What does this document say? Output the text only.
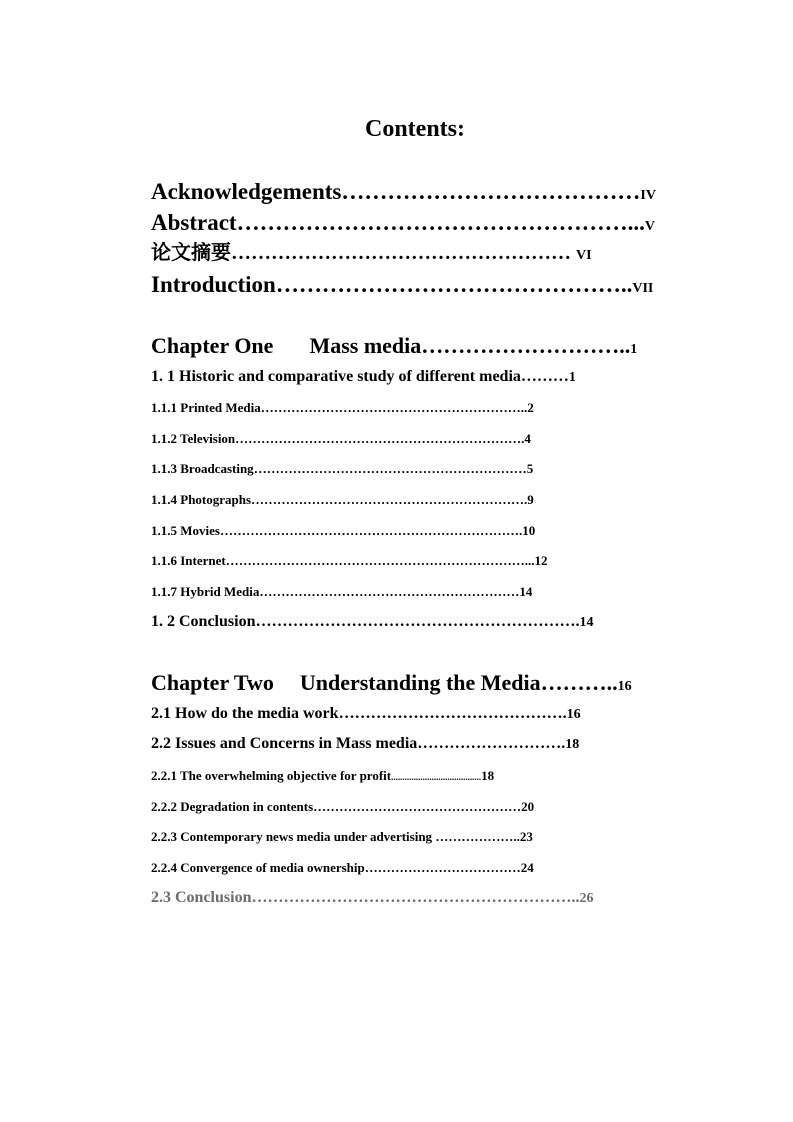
Contents:

Acknowledgements…………………………………IV

Abstract……………………………………………...V

论文摘要…………………………………………… VI

Introduction………………………………………..VII

Chapter One Mass media………………………..1

1. 1 Historic and comparative study of different media………1

1.1.1 Printed Media……………………………………………………..2

1.1.2 Television………………………………………………………….4

1.1.3 Broadcasting………………………………………………………5

1.1.4 Photographs……………………………………………………….9

1.1.5 Movies…………………………………………………………….10

1.1.6 Internet……………………………………………………………...12

1.1.7 Hybrid Media……………………………………………………14

1. 2 Conclusion…………………………………………………….14

Chapter Two Understanding the Media………..16

2.1 How do the media work…………………………………….16

2.2 Issues and Concerns in Mass media……………………….18

2.2.1 The overwhelming objective for profit........................................18

2.2.2 Degradation in contents…………………………………………20

2.2.3 Contemporary news media under advertising ………………..23

2.2.4 Convergence of media ownership………………………………24

2.3 Conclusion……………………………………………………..26
